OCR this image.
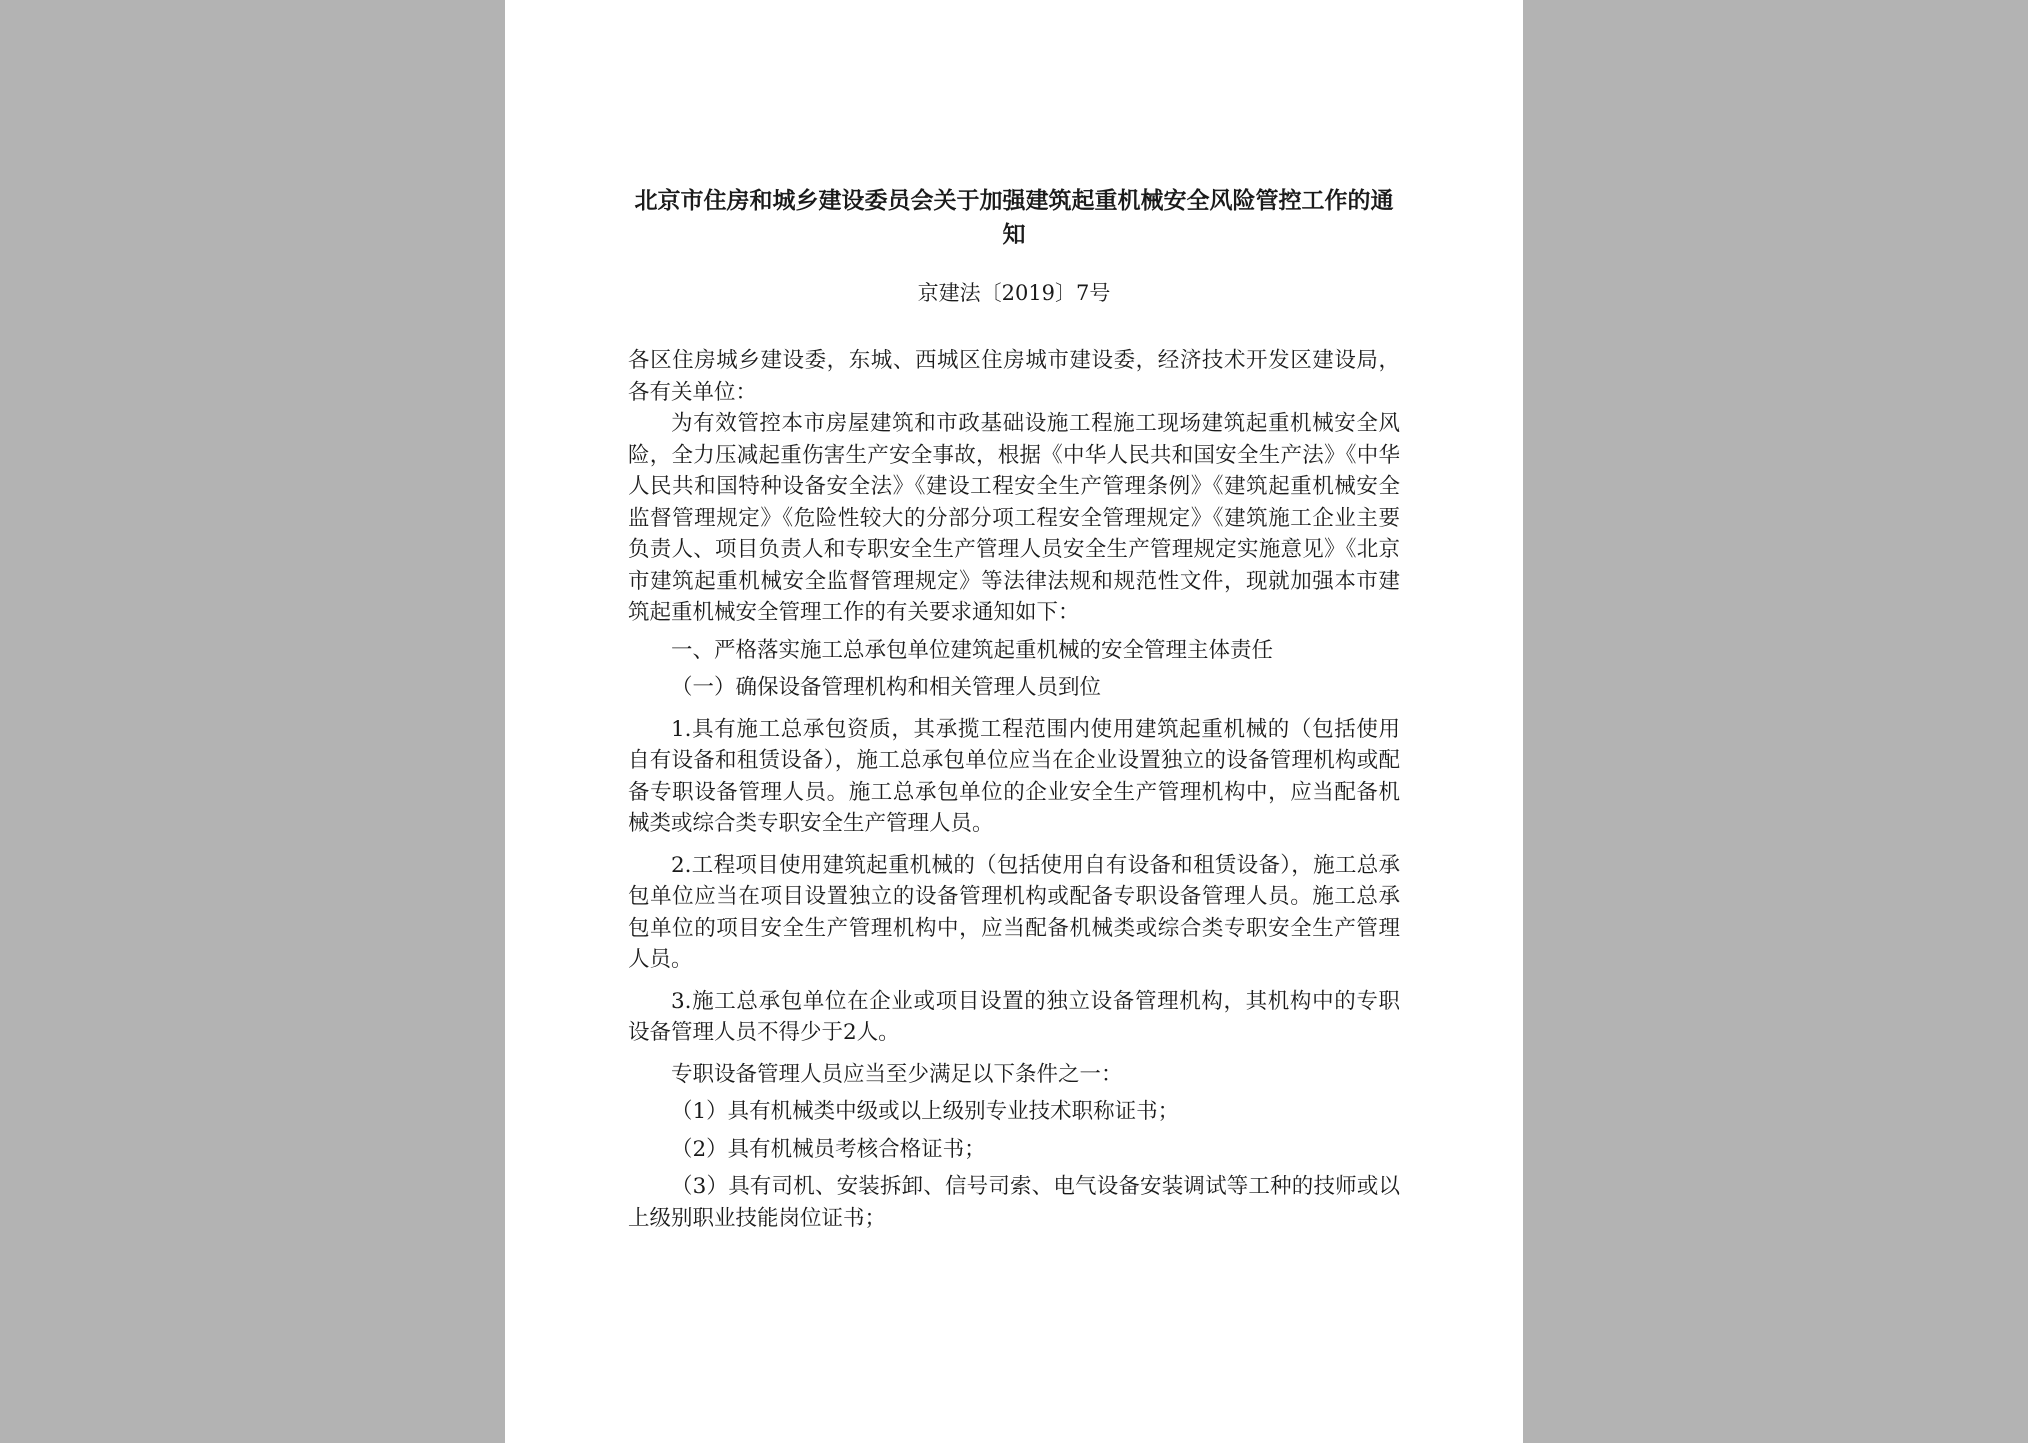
北京市住房和城乡建设委员会关于加强建筑起重机械安全风险管控工作的通知

京建法〔2019〕7号

各区住房城乡建设委，东城、西城区住房城市建设委，经济技术开发区建设局，各有关单位：

为有效管控本市房屋建筑和市政基础设施工程施工现场建筑起重机械安全风险，全力压减起重伤害生产安全事故，根据《中华人民共和国安全生产法》《中华人民共和国特种设备安全法》《建设工程安全生产管理条例》《建筑起重机械安全监督管理规定》《危险性较大的分部分项工程安全管理规定》《建筑施工企业主要负责人、项目负责人和专职安全生产管理人员安全生产管理规定实施意见》《北京市建筑起重机械安全监督管理规定》等法律法规和规范性文件，现就加强本市建筑起重机械安全管理工作的有关要求通知如下：

一、严格落实施工总承包单位建筑起重机械的安全管理主体责任

（一）确保设备管理机构和相关管理人员到位

1.具有施工总承包资质，其承揽工程范围内使用建筑起重机械的（包括使用自有设备和租赁设备），施工总承包单位应当在企业设置独立的设备管理机构或配备专职设备管理人员。施工总承包单位的企业安全生产管理机构中，应当配备机械类或综合类专职安全生产管理人员。

2.工程项目使用建筑起重机械的（包括使用自有设备和租赁设备），施工总承包单位应当在项目设置独立的设备管理机构或配备专职设备管理人员。施工总承包单位的项目安全生产管理机构中，应当配备机械类或综合类专职安全生产管理人员。

3.施工总承包单位在企业或项目设置的独立设备管理机构，其机构中的专职设备管理人员不得少于2人。

专职设备管理人员应当至少满足以下条件之一：

（1）具有机械类中级或以上级别专业技术职称证书；

（2）具有机械员考核合格证书；

（3）具有司机、安装拆卸、信号司索、电气设备安装调试等工种的技师或以上级别职业技能岗位证书；
